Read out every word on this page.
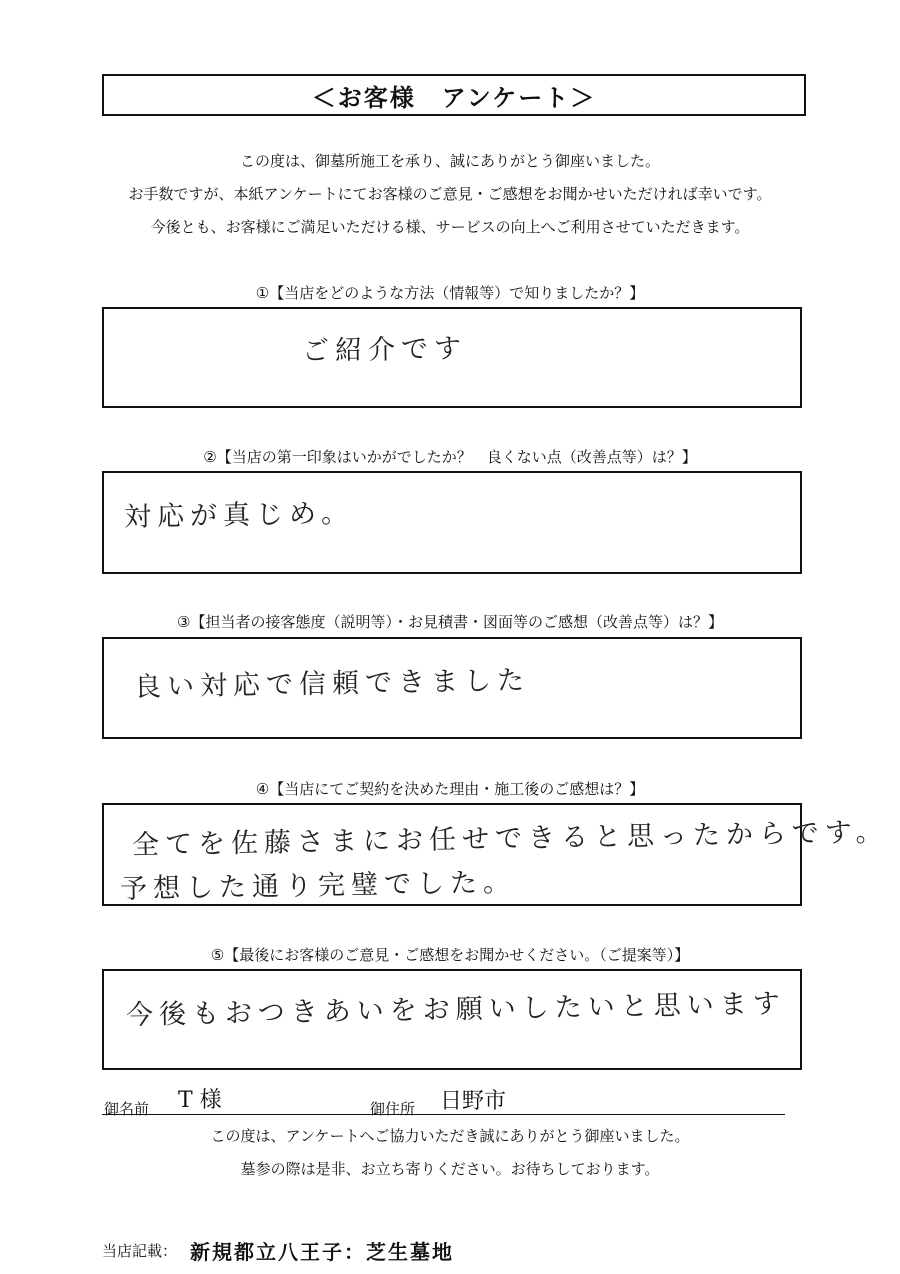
＜お客様　アンケート＞
この度は、御墓所施工を承り、誠にありがとう御座いました。
お手数ですが、本紙アンケートにてお客様のご意見・ご感想をお聞かせいただければ幸いです。
今後とも、お客様にご満足いただける様、サービスの向上へご利用させていただきます。
①【当店をどのような方法（情報等）で知りましたか？】
ご紹介です
②【当店の第一印象はいかがでしたか？　良くない点（改善点等）は？】
対応が真じめ。
③【担当者の接客態度（説明等）・お見積書・図面等のご感想（改善点等）は？】
良い対応で信頼できました
④【当店にてご契約を決めた理由・施工後のご感想は？】
全てを佐藤さまにお任せできると思ったからです。
予想した通り完璧でした。
⑤【最後にお客様のご意見・ご感想をお聞かせください。（ご提案等）】
今後もおつきあいをお願いしたいと思います
御名前 T 様	御住所 日野市
この度は、アンケートへご協力いただき誠にありがとう御座いました。
墓参の際は是非、お立ち寄りください。お待ちしております。
当店記載： 新規都立八王子：芝生墓地
